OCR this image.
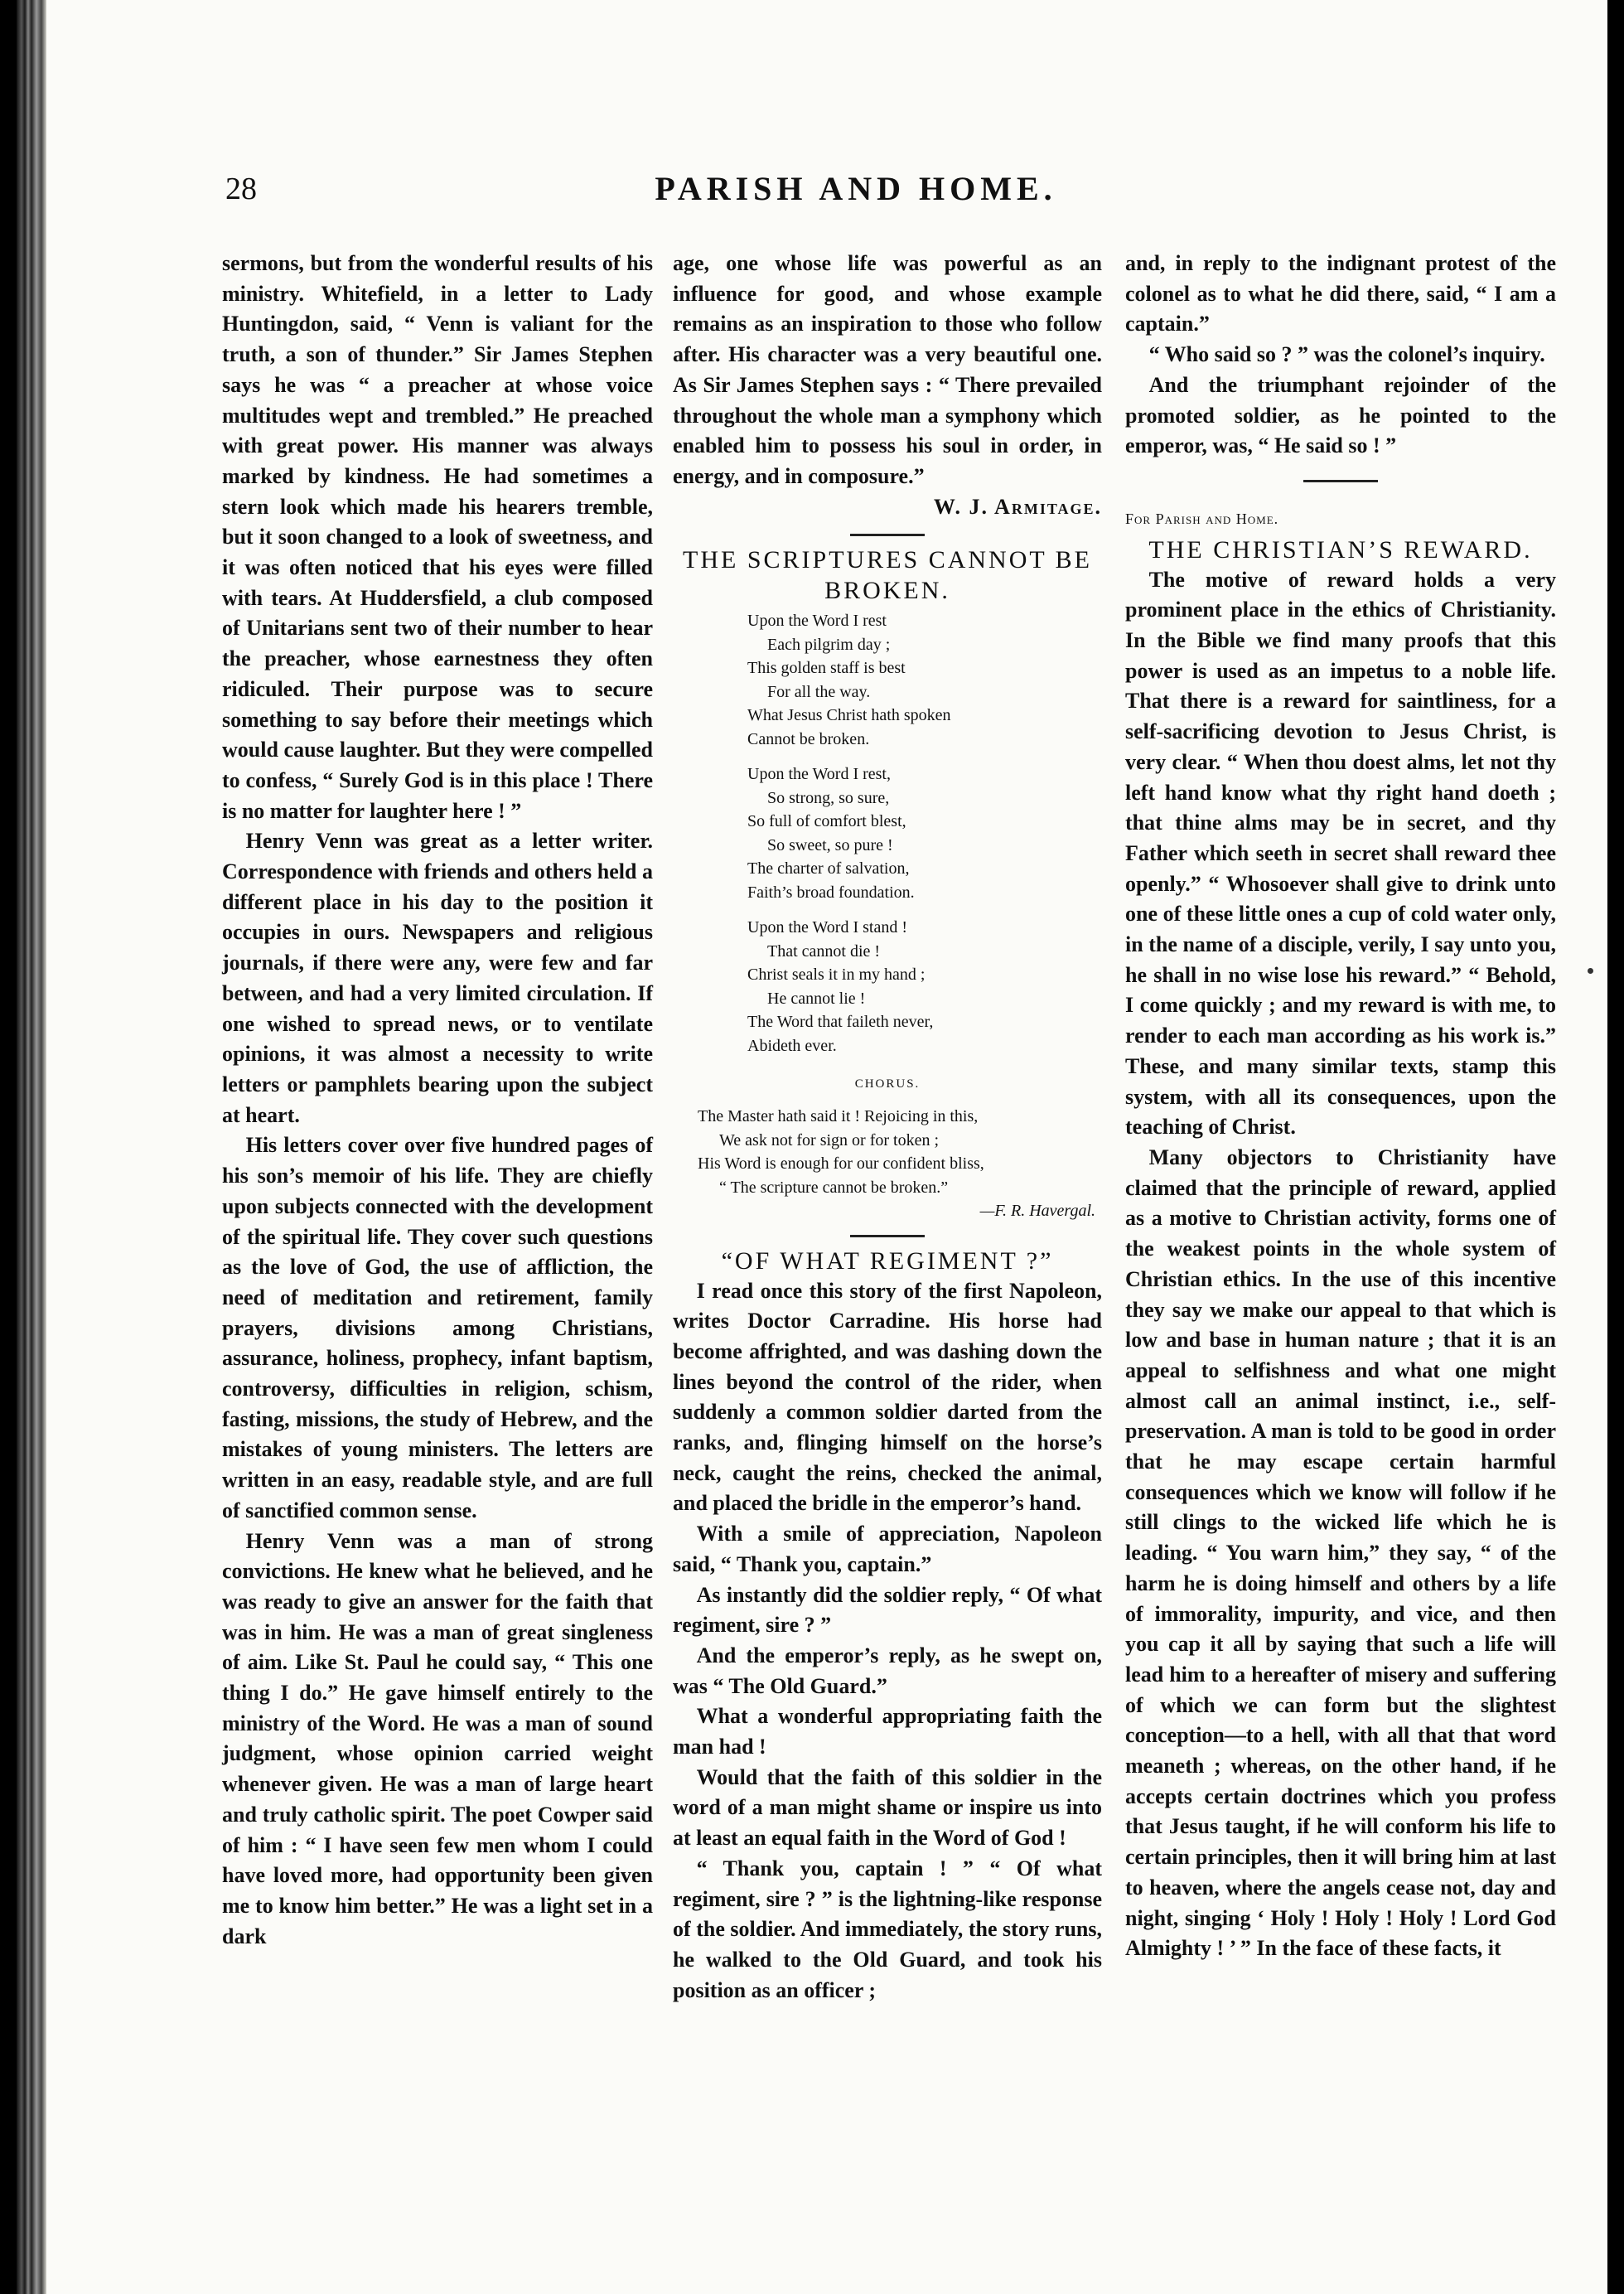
28	PARISH AND HOME.

sermons, but from the wonderful results of his ministry. Whitefield, in a letter to Lady Huntingdon, said, “ Venn is valiant for the truth, a son of thunder.” Sir James Stephen says he was “ a preacher at whose voice multitudes wept and trembled.” He preached with great power. His manner was always marked by kindness. He had sometimes a stern look which made his hearers tremble, but it soon changed to a look of sweetness, and it was often noticed that his eyes were filled with tears. At Huddersfield, a club composed of Unitarians sent two of their number to hear the preacher, whose earnestness they often ridiculed. Their purpose was to secure something to say before their meetings which would cause laughter. But they were compelled to confess, “ Surely God is in this place ! There is no matter for laughter here ! ”

Henry Venn was great as a letter writer. Correspondence with friends and others held a different place in his day to the position it occupies in ours. Newspapers and religious journals, if there were any, were few and far between, and had a very limited circulation. If one wished to spread news, or to ventilate opinions, it was almost a necessity to write letters or pamphlets bearing upon the subject at heart.

His letters cover over five hundred pages of his son’s memoir of his life. They are chiefly upon subjects connected with the development of the spiritual life. They cover such questions as the love of God, the use of affliction, the need of meditation and retirement, family prayers, divisions among Christians, assurance, holiness, prophecy, infant baptism, controversy, difficulties in religion, schism, fasting, missions, the study of Hebrew, and the mistakes of young ministers. The letters are written in an easy, readable style, and are full of sanctified common sense.

Henry Venn was a man of strong convictions. He knew what he believed, and he was ready to give an answer for the faith that was in him. He was a man of great singleness of aim. Like St. Paul he could say, “ This one thing I do.” He gave himself entirely to the ministry of the Word. He was a man of sound judgment, whose opinion carried weight whenever given. He was a man of large heart and truly catholic spirit. The poet Cowper said of him : “ I have seen few men whom I could have loved more, had opportunity been given me to know him better.” He was a light set in a dark

age, one whose life was powerful as an influence for good, and whose example remains as an inspiration to those who follow after. His character was a very beautiful one. As Sir James Stephen says : “ There prevailed throughout the whole man a symphony which enabled him to possess his soul in order, in energy, and in composure.”

W. J. Armitage.

THE SCRIPTURES CANNOT BE BROKEN.

Upon the Word I rest
Each pilgrim day ;
This golden staff is best
For all the way.
What Jesus Christ hath spoken
Cannot be broken.
Upon the Word I rest,
So strong, so sure,
So full of comfort blest,
So sweet, so pure !
The charter of salvation,
Faith’s broad foundation.
Upon the Word I stand !
That cannot die !
Christ seals it in my hand ;
He cannot lie !
The Word that faileth never,
Abideth ever.
CHORUS.
The Master hath said it ! Rejoicing in this,
We ask not for sign or for token ;
His Word is enough for our confident bliss,
“ The scripture cannot be broken.”
—F. R. Havergal.

“OF WHAT REGIMENT ?”

I read once this story of the first Napoleon, writes Doctor Carradine. His horse had become affrighted, and was dashing down the lines beyond the control of the rider, when suddenly a common soldier darted from the ranks, and, flinging himself on the horse’s neck, caught the reins, checked the animal, and placed the bridle in the emperor’s hand.

With a smile of appreciation, Napoleon said, “ Thank you, captain.”

As instantly did the soldier reply, “ Of what regiment, sire ? ”

And the emperor’s reply, as he swept on, was “ The Old Guard.”

What a wonderful appropriating faith the man had !

Would that the faith of this soldier in the word of a man might shame or inspire us into at least an equal faith in the Word of God !

“ Thank you, captain ! ” “ Of what regiment, sire ? ” is the lightning-like response of the soldier. And immediately, the story runs, he walked to the Old Guard, and took his position as an officer ;

and, in reply to the indignant protest of the colonel as to what he did there, said, “ I am a captain.”

“ Who said so ? ” was the colonel’s inquiry.

And the triumphant rejoinder of the promoted soldier, as he pointed to the emperor, was, “ He said so ! ”

For Parish and Home.

THE CHRISTIAN’S REWARD.

The motive of reward holds a very prominent place in the ethics of Christianity. In the Bible we find many proofs that this power is used as an impetus to a noble life. That there is a reward for saintliness, for a self-sacrificing devotion to Jesus Christ, is very clear. “ When thou doest alms, let not thy left hand know what thy right hand doeth ; that thine alms may be in secret, and thy Father which seeth in secret shall reward thee openly.” “ Whosoever shall give to drink unto one of these little ones a cup of cold water only, in the name of a disciple, verily, I say unto you, he shall in no wise lose his reward.” “ Behold, I come quickly ; and my reward is with me, to render to each man according as his work is.” These, and many similar texts, stamp this system, with all its consequences, upon the teaching of Christ.

Many objectors to Christianity have claimed that the principle of reward, applied as a motive to Christian activity, forms one of the weakest points in the whole system of Christian ethics. In the use of this incentive they say we make our appeal to that which is low and base in human nature ; that it is an appeal to selfishness and what one might almost call an animal instinct, i.e., self-preservation. A man is told to be good in order that he may escape certain harmful consequences which we know will follow if he still clings to the wicked life which he is leading. “ You warn him,” they say, “ of the harm he is doing himself and others by a life of immorality, impurity, and vice, and then you cap it all by saying that such a life will lead him to a hereafter of misery and suffering of which we can form but the slightest conception—to a hell, with all that that word meaneth ; whereas, on the other hand, if he accepts certain doctrines which you profess that Jesus taught, if he will conform his life to certain principles, then it will bring him at last to heaven, where the angels cease not, day and night, singing ‘ Holy ! Holy ! Holy ! Lord God Almighty ! ’ ” In the face of these facts, it
